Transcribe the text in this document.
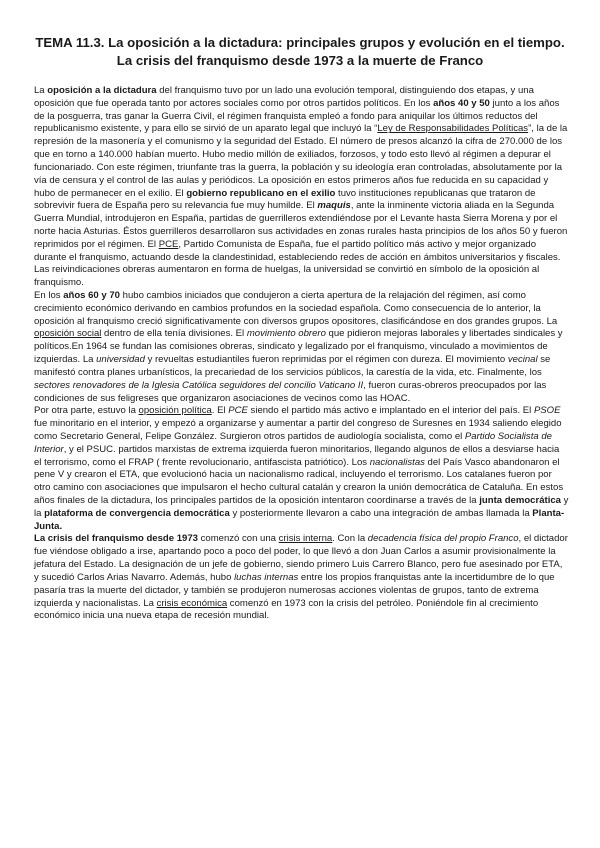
TEMA 11.3. La oposición a la dictadura: principales grupos y evolución en el tiempo.
La crisis del franquismo desde 1973 a la muerte de Franco

La oposición a la dictadura del franquismo tuvo por un lado una evolución temporal, distinguiendo dos etapas, y una oposición que fue operada tanto por actores sociales como por otros partidos políticos. En los años 40 y 50 junto a los años de la posguerra, tras ganar la Guerra Civil, el régimen franquista empleó a fondo para aniquilar los últimos reductos del republicanismo existente, y para ello se sirvió de un aparato legal que incluyó la “Ley de Responsabilidades Políticas”, la de la represión de la masonería y el comunismo y la seguridad del Estado. El número de presos alcanzó la cifra de 270.000 de los que en torno a 140.000 habían muerto. Hubo medio millón de exiliados, forzosos, y todo esto llevó al régimen a depurar el funcionariado. Con este régimen, triunfante tras la guerra, la población y su ideología eran controladas, absolutamente por la vía de censura y el control de las aulas y periódicos. La oposición en estos primeros años fue reducida en su capacidad y hubo de permanecer en el exilio. El gobierno republicano en el exilio tuvo instituciones republicanas que trataron de sobrevivir fuera de España pero su relevancia fue muy humilde. El maquis, ante la inminente victoria aliada en la Segunda Guerra Mundial, introdujeron en España, partidas de guerrilleros extendiéndose por el Levante hasta Sierra Morena y por el norte hacia Asturias. Éstos guerrilleros desarrollaron sus actividades en zonas rurales hasta principios de los años 50 y fueron reprimidos por el régimen. El PCE, Partido Comunista de España, fue el partido político más activo y mejor organizado durante el franquismo, actuando desde la clandestinidad, estableciendo redes de acción en ámbitos universitarios y fiscales. Las reivindicaciones obreras aumentaron en forma de huelgas, la universidad se convirtió en símbolo de la oposición al franquismo.

En los años 60 y 70 hubo cambios iniciados que condujeron a cierta apertura de la relajación del régimen, así como crecimiento económico derivando en cambios profundos en la sociedad española. Como consecuencia de lo anterior, la oposición al franquismo creció significativamente con diversos grupos opositores, clasificándose en dos grandes grupos. La oposición social dentro de ella tenía divisiones. El movimiento obrero que pidieron mejoras laborales y libertades sindicales y políticos.En 1964 se fundan las comisiones obreras, sindicato y legalizado por el franquismo, vinculado a movimientos de izquierdas. La universidad y revueltas estudiantiles fueron reprimidas por el régimen con dureza. El movimiento vecinal se manifestó contra planes urbanísticos, la precariedad de los servicios públicos, la carestía de la vida, etc. Finalmente, los sectores renovadores de la Iglesia Católica seguidores del concilio Vaticano II, fueron curas-obreros preocupados por las condiciones de sus feligreses que organizaron asociaciones de vecinos como las HOAC.

Por otra parte, estuvo la oposición política. El PCE siendo el partido más activo e implantado en el interior del país. El PSOE fue minoritario en el interior, y empezó a organizarse y aumentar a partir del congreso de Suresnes en 1934 saliendo elegido como Secretario General, Felipe González. Surgieron otros partidos de audiología socialista, como el Partido Socialista de Interior, y el PSUC. partidos marxistas de extrema izquierda fueron minoritarios, llegando algunos de ellos a desviarse hacia el terrorismo, como el FRAP ( frente revolucionario, antifascista patriótico). Los nacionalistas del País Vasco abandonaron el pene V y crearon el ETA, que evolucionó hacia un nacionalismo radical, incluyendo el terrorismo. Los catalanes fueron por otro camino con asociaciones que impulsaron el hecho cultural catalán y crearon la unión democrática de Cataluña. En estos años finales de la dictadura, los principales partidos de la oposición intentaron coordinarse a través de la junta democrática y la plataforma de convergencia democrática y posteriormente llevaron a cabo una integración de ambas llamada la Planta-Junta.

La crisis del franquismo desde 1973 comenzó con una crisis interna. Con la decadencia física del propio Franco, el dictador fue viéndose obligado a irse, apartando poco a poco del poder, lo que llevó a don Juan Carlos a asumir provisionalmente la jefatura del Estado. La designación de un jefe de gobierno, siendo primero Luis Carrero Blanco, pero fue asesinado por ETA, y sucedió Carlos Arias Navarro. Además, hubo luchas internas entre los propios franquistas ante la incertidumbre de lo que pasaría tras la muerte del dictador, y también se produjeron numerosas acciones violentas de grupos, tanto de extrema izquierda y nacionalistas. La crisis económica comenzó en 1973 con la crisis del petróleo. Poniéndole fin al crecimiento económico inicia una nueva etapa de recesión mundial.
